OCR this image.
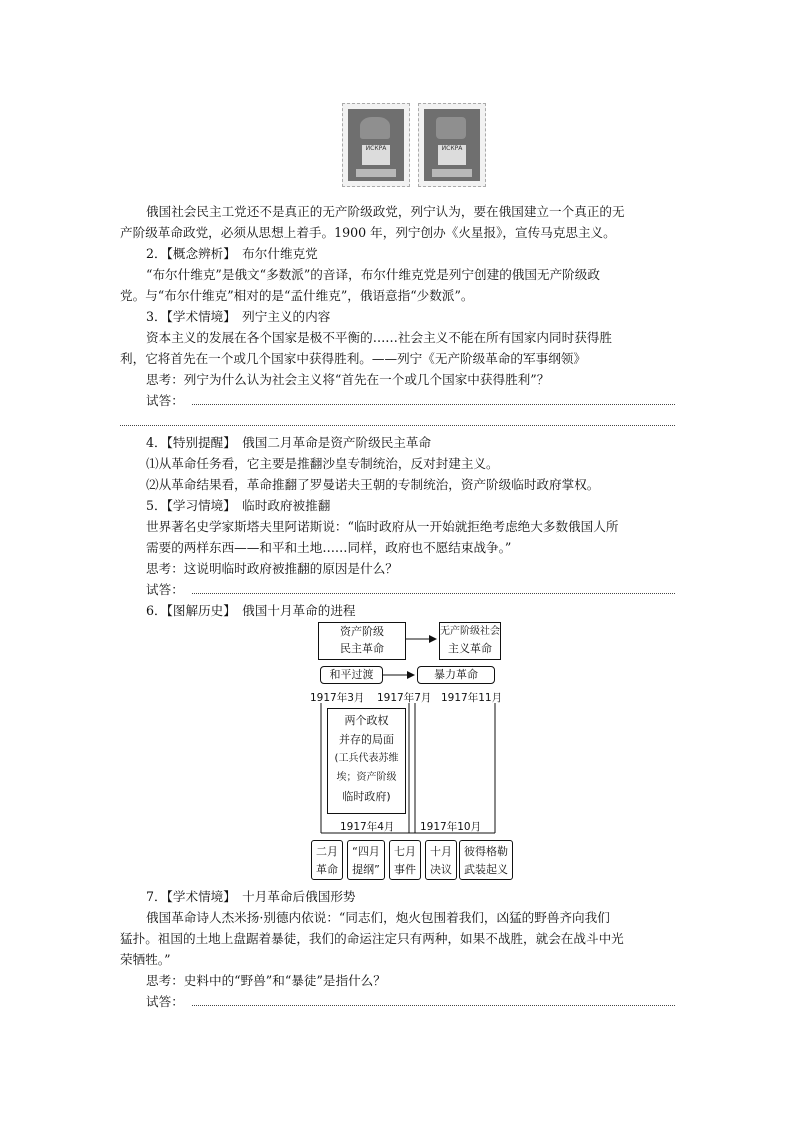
ИСКРА	ИСКРА
俄国社会民主工党还不是真正的无产阶级政党，列宁认为，要在俄国建立一个真正的无
产阶级革命政党，必须从思想上着手。1900 年，列宁创办《火星报》，宣传马克思主义。
2．【概念辨析】　布尔什维克党
“布尔什维克”是俄文“多数派”的音译，布尔什维克党是列宁创建的俄国无产阶级政
党。与“布尔什维克”相对的是“孟什维克”，俄语意指“少数派”。
3．【学术情境】　列宁主义的内容
资本主义的发展在各个国家是极不平衡的……社会主义不能在所有国家内同时获得胜
利，它将首先在一个或几个国家中获得胜利。——列宁《无产阶级革命的军事纲领》
思考：列宁为什么认为社会主义将“首先在一个或几个国家中获得胜利”？
试答：
4．【特别提醒】　俄国二月革命是资产阶级民主革命
⑴从革命任务看，它主要是推翻沙皇专制统治，反对封建主义。
⑵从革命结果看，革命推翻了罗曼诺夫王朝的专制统治，资产阶级临时政府掌权。
5．【学习情境】　临时政府被推翻
世界著名史学家斯塔夫里阿诺斯说：“临时政府从一开始就拒绝考虑绝大多数俄国人所
需要的两样东西——和平和土地……同样，政府也不愿结束战争。”
思考：这说明临时政府被推翻的原因是什么？
试答：
6．【图解历史】　俄国十月革命的进程
资产阶级
民主革命
无产阶级社会
主义革命
和平过渡	暴力革命
1917年3月 1917年7月 1917年11月
两个政权
并存的局面
(工兵代表苏维
埃；资产阶级
临时政府)
1917年4月 1917年10月
二月
革命
“四月
提纲”
七月
事件
十月
决议
彼得格勒
武装起义
7．【学术情境】　十月革命后俄国形势
俄国革命诗人杰米扬·别德内依说：“同志们，炮火包围着我们，凶猛的野兽齐向我们
猛扑。祖国的土地上盘踞着暴徒，我们的命运注定只有两种，如果不战胜，就会在战斗中光
荣牺牲。”
思考：史料中的“野兽”和“暴徒”是指什么？
试答：
